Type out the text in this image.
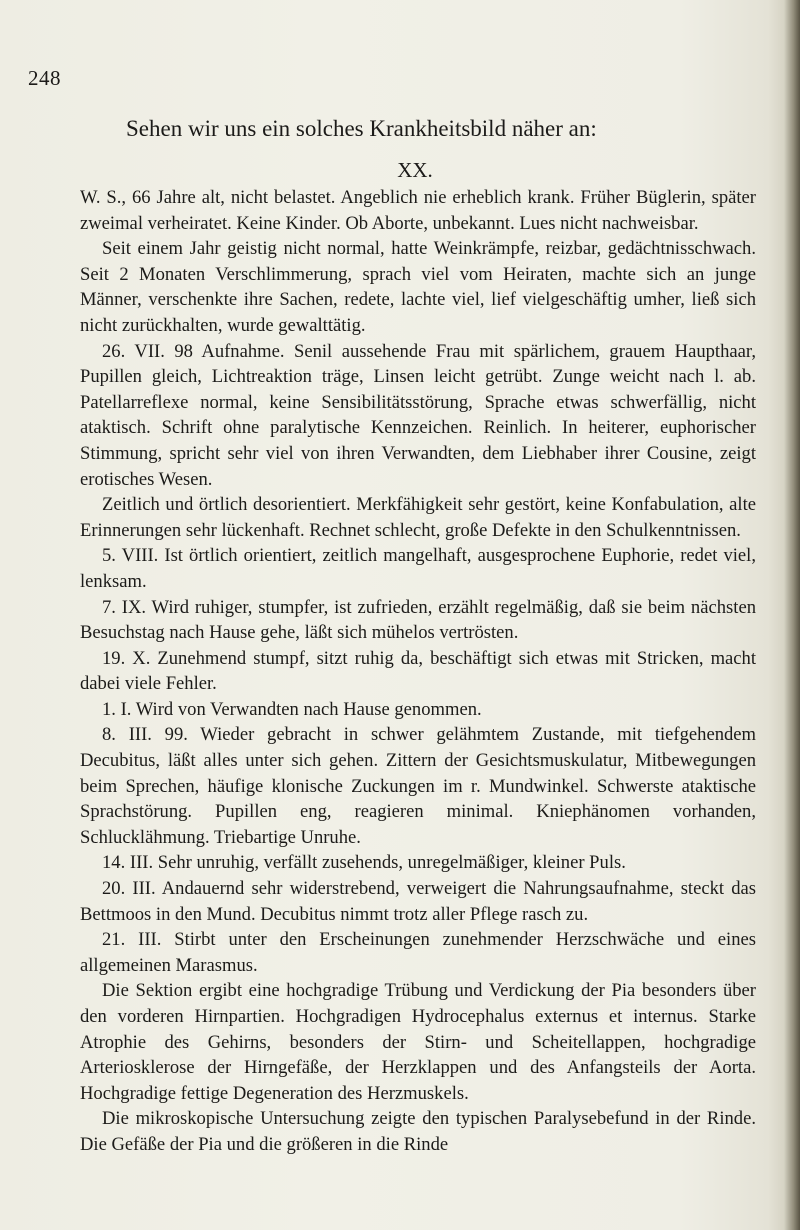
248
Sehen wir uns ein solches Krankheitsbild näher an:
XX.

W. S., 66 Jahre alt, nicht belastet. Angeblich nie erheblich krank. Früher Büglerin, später zweimal verheiratet. Keine Kinder. Ob Aborte, unbekannt. Lues nicht nachweisbar.

Seit einem Jahr geistig nicht normal, hatte Weinkrämpfe, reizbar, gedächtnisschwach. Seit 2 Monaten Verschlimmerung, sprach viel vom Heiraten, machte sich an junge Männer, verschenkte ihre Sachen, redete, lachte viel, lief vielgeschäftig umher, ließ sich nicht zurückhalten, wurde gewalttätig.

26. VII. 98 Aufnahme. Senil aussehende Frau mit spärlichem, grauem Haupthaar, Pupillen gleich, Lichtreaktion träge, Linsen leicht getrübt. Zunge weicht nach l. ab. Patellarreflexe normal, keine Sensibilitätsstörung, Sprache etwas schwerfällig, nicht ataktisch. Schrift ohne paralytische Kennzeichen. Reinlich. In heiterer, euphorischer Stimmung, spricht sehr viel von ihren Verwandten, dem Liebhaber ihrer Cousine, zeigt erotisches Wesen.

Zeitlich und örtlich desorientiert. Merkfähigkeit sehr gestört, keine Konfabulation, alte Erinnerungen sehr lückenhaft. Rechnet schlecht, große Defekte in den Schulkenntnissen.

5. VIII. Ist örtlich orientiert, zeitlich mangelhaft, ausgesprochene Euphorie, redet viel, lenksam.

7. IX. Wird ruhiger, stumpfer, ist zufrieden, erzählt regelmäßig, daß sie beim nächsten Besuchstag nach Hause gehe, läßt sich mühelos vertrösten.

19. X. Zunehmend stumpf, sitzt ruhig da, beschäftigt sich etwas mit Stricken, macht dabei viele Fehler.

1. I. Wird von Verwandten nach Hause genommen.

8. III. 99. Wieder gebracht in schwer gelähmtem Zustande, mit tiefgehendem Decubitus, läßt alles unter sich gehen. Zittern der Gesichtsmuskulatur, Mitbewegungen beim Sprechen, häufige klonische Zuckungen im r. Mundwinkel. Schwerste ataktische Sprachstörung. Pupillen eng, reagieren minimal. Kniephänomen vorhanden, Schlucklähmung. Triebartige Unruhe.

14. III. Sehr unruhig, verfällt zusehends, unregelmäßiger, kleiner Puls.

20. III. Andauernd sehr widerstrebend, verweigert die Nahrungsaufnahme, steckt das Bettmoos in den Mund. Decubitus nimmt trotz aller Pflege rasch zu.

21. III. Stirbt unter den Erscheinungen zunehmender Herzschwäche und eines allgemeinen Marasmus.

Die Sektion ergibt eine hochgradige Trübung und Verdickung der Pia besonders über den vorderen Hirnpartien. Hochgradigen Hydrocephalus externus et internus. Starke Atrophie des Gehirns, besonders der Stirn- und Scheitellappen, hochgradige Arteriosklerose der Hirngefäße, der Herzklappen und des Anfangsteils der Aorta. Hochgradige fettige Degeneration des Herzmuskels.

Die mikroskopische Untersuchung zeigte den typischen Paralysebefund in der Rinde. Die Gefäße der Pia und die größeren in die Rinde
